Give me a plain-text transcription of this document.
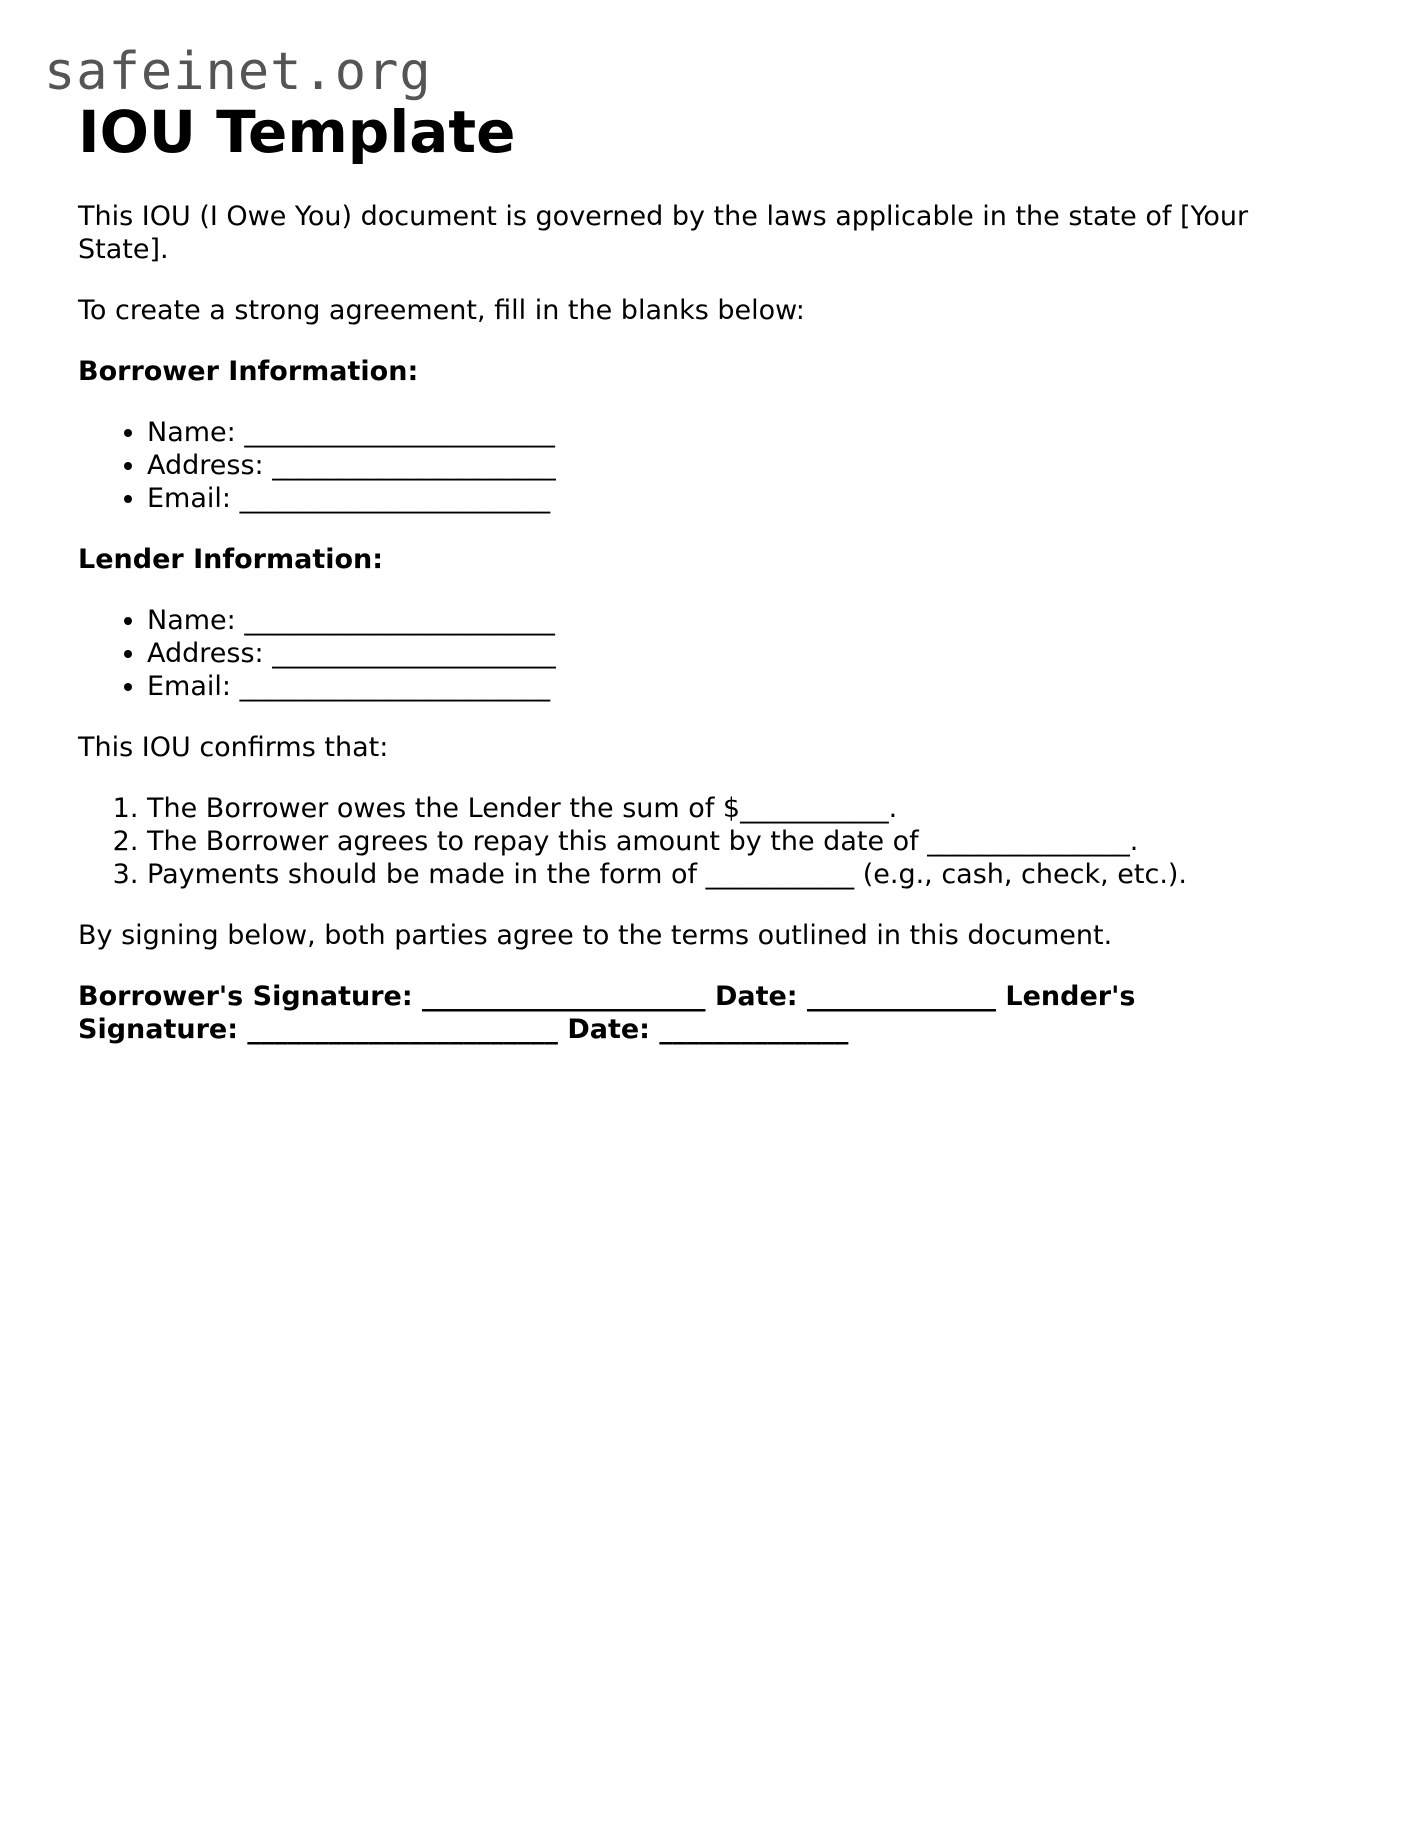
safeinet.org
IOU Template

This IOU (I Owe You) document is governed by the laws applicable in the state of [Your State].

To create a strong agreement, fill in the blanks below:

Borrower Information:

• Name: _______________________
• Address: _____________________
• Email: _______________________

Lender Information:

• Name: _______________________
• Address: _____________________
• Email: _______________________

This IOU confirms that:

1. The Borrower owes the Lender the sum of $___________.
2. The Borrower agrees to repay this amount by the date of _______________.
3. Payments should be made in the form of ___________ (e.g., cash, check, etc.).

By signing below, both parties agree to the terms outlined in this document.

Borrower's Signature: _____________________ Date: ______________ Lender's Signature: _______________________ Date: ______________
